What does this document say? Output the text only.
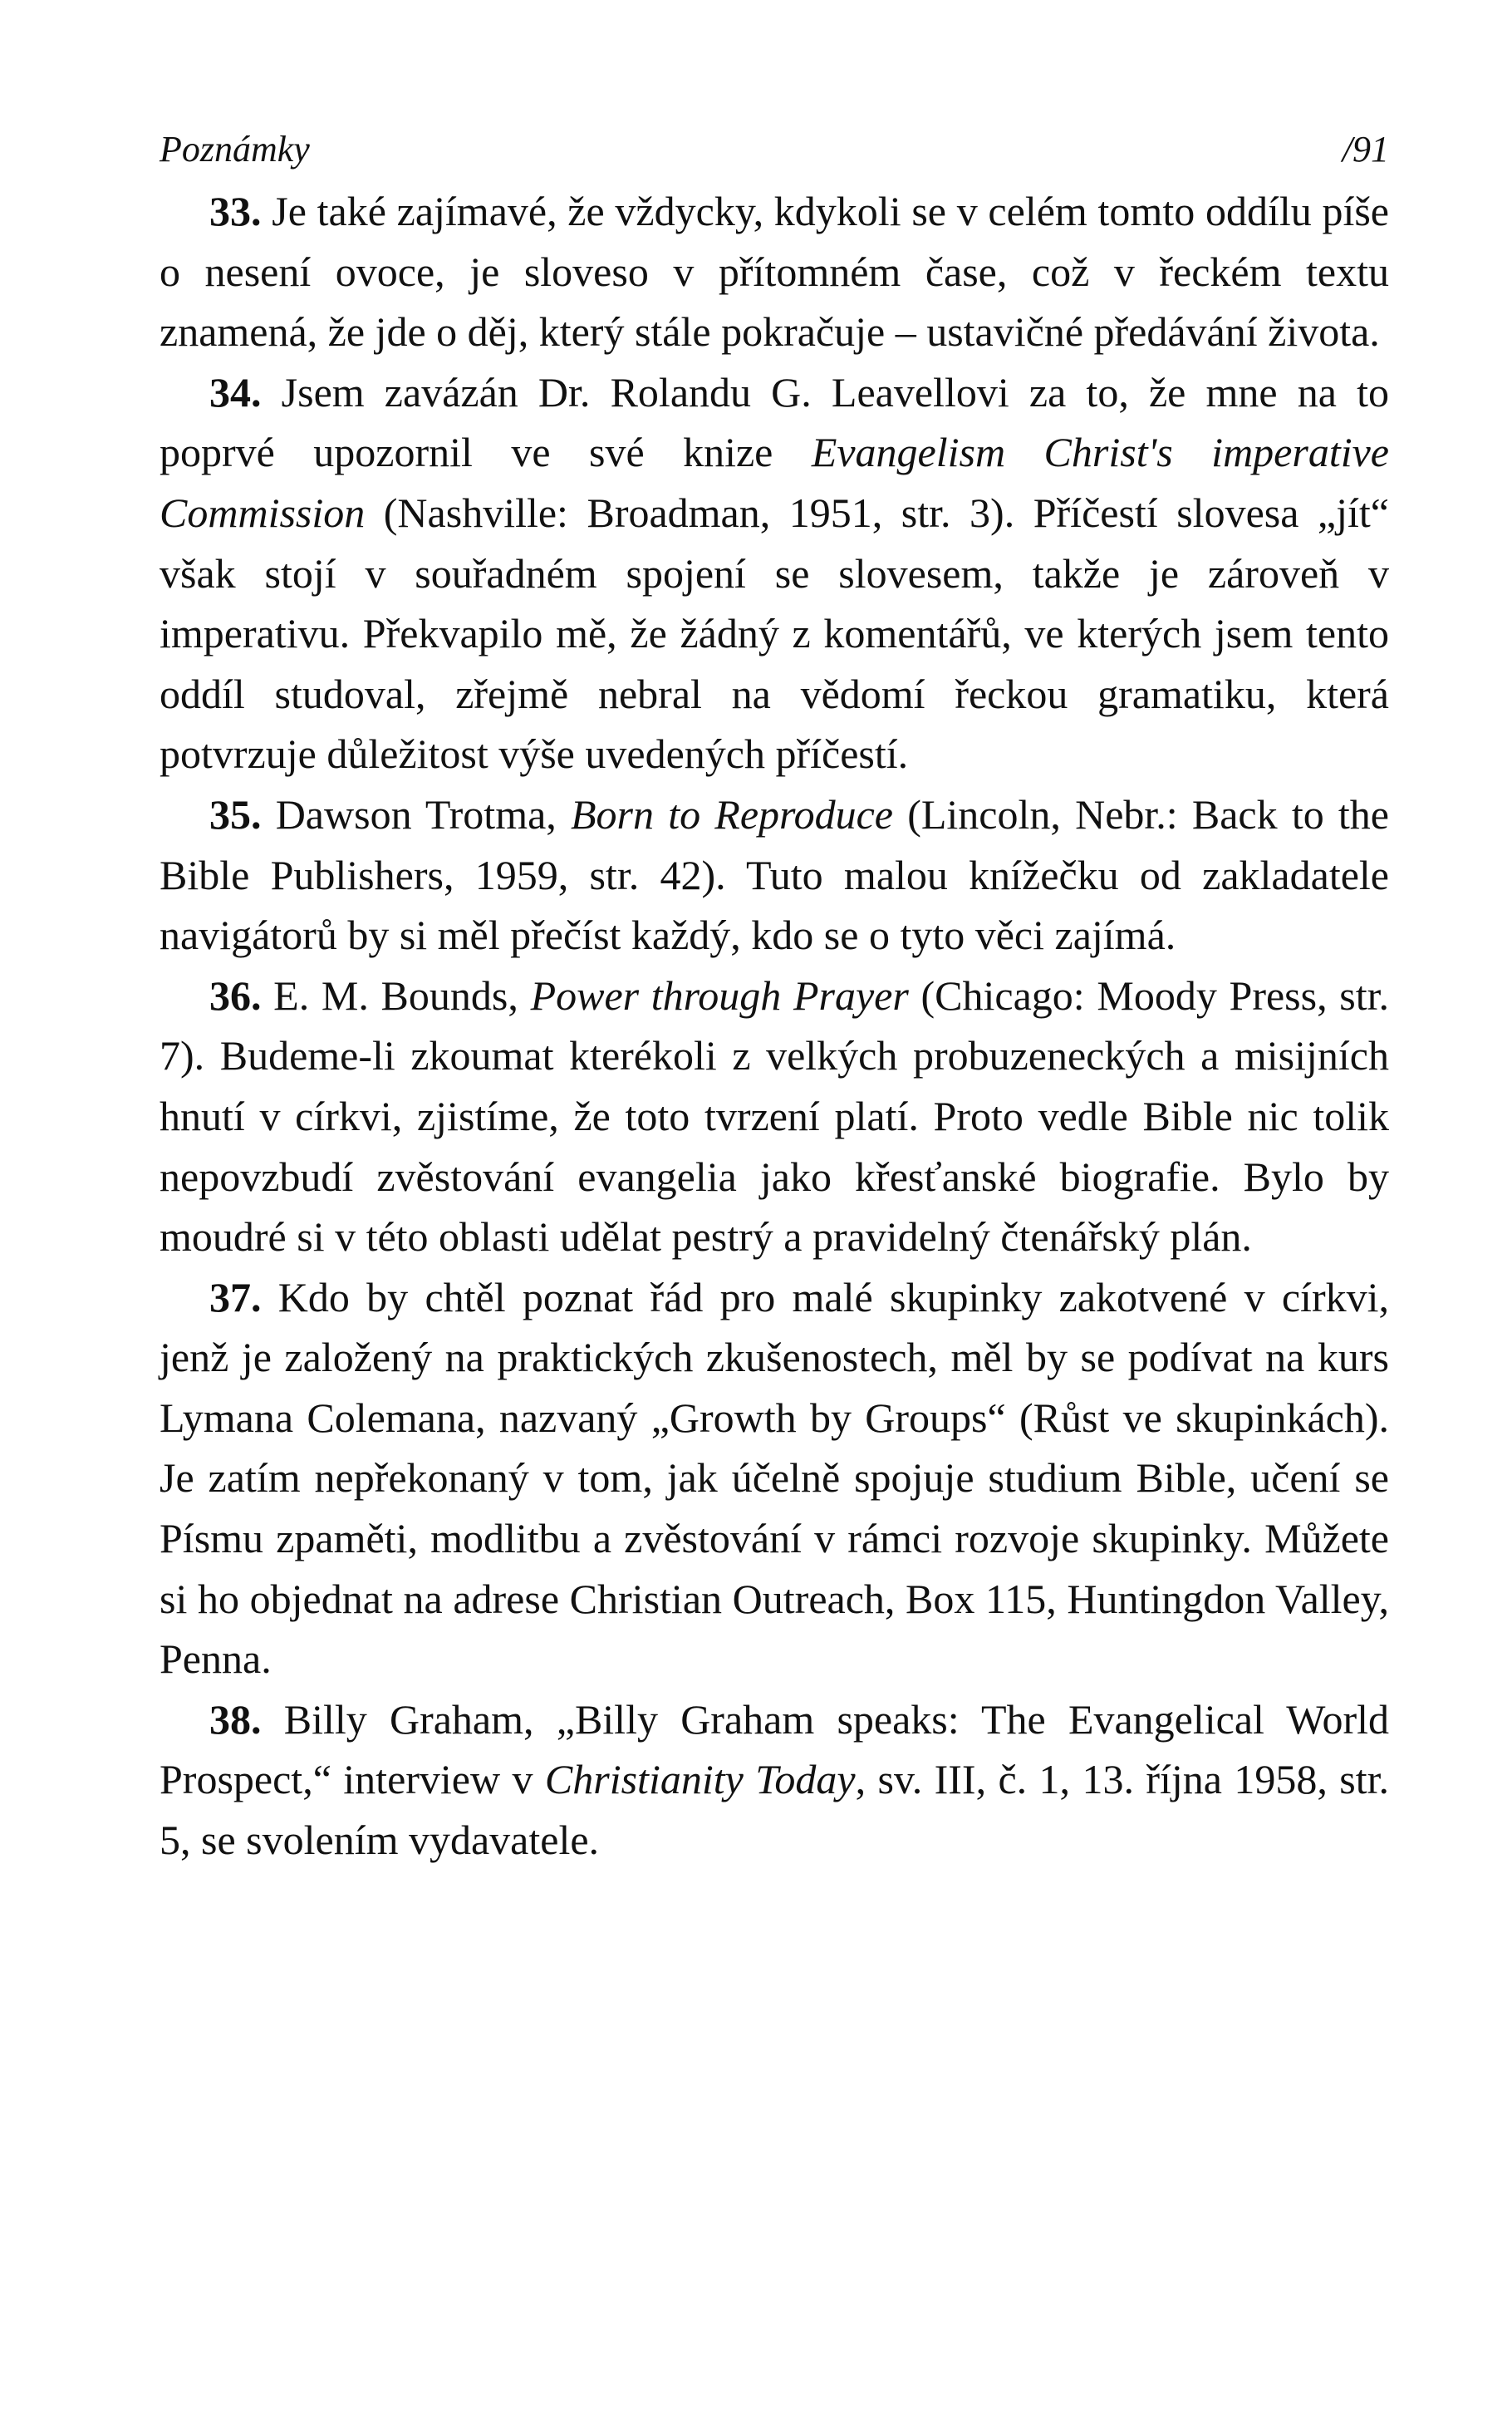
Poznámky	/91

33. Je také zajímavé, že vždycky, kdykoli se v celém tomto oddílu píše o nesení ovoce, je sloveso v přítomném čase, což v řeckém textu znamená, že jde o děj, který stále pokračuje – ustavičné předávání života.

34. Jsem zavázán Dr. Rolandu G. Leavellovi za to, že mne na to poprvé upozornil ve své knize Evangelism Christ's imperative Commission (Nashville: Broadman, 1951, str. 3). Příčestí slovesa „jít“ však stojí v souřadném spojení se slovesem, takže je zároveň v imperativu. Překvapilo mě, že žádný z komentářů, ve kterých jsem tento oddíl studoval, zřejmě nebral na vědomí řeckou gramatiku, která potvrzuje důležitost výše uvedených příčestí.

35. Dawson Trotma, Born to Reproduce (Lincoln, Nebr.: Back to the Bible Publishers, 1959, str. 42). Tuto malou knížečku od zakladatele navigátorů by si měl přečíst každý, kdo se o tyto věci zajímá.

36. E. M. Bounds, Power through Prayer (Chicago: Moody Press, str. 7). Budeme-li zkoumat kterékoli z velkých probuzeneckých a misijních hnutí v církvi, zjistíme, že toto tvrzení platí. Proto vedle Bible nic tolik nepovzbudí zvěstování evangelia jako křesťanské biografie. Bylo by moudré si v této oblasti udělat pestrý a pravidelný čtenářský plán.

37. Kdo by chtěl poznat řád pro malé skupinky zakotvené v církvi, jenž je založený na praktických zkušenostech, měl by se podívat na kurs Lymana Colemana, nazvaný „Growth by Groups“ (Růst ve skupinkách). Je zatím nepřekonaný v tom, jak účelně spojuje studium Bible, učení se Písmu zpaměti, modlitbu a zvěstování v rámci rozvoje skupinky. Můžete si ho objednat na adrese Christian Outreach, Box 115, Huntingdon Valley, Penna.

38. Billy Graham, „Billy Graham speaks: The Evangelical World Prospect,“ interview v Christianity Today, sv. III, č. 1, 13. října 1958, str. 5, se svolením vydavatele.
